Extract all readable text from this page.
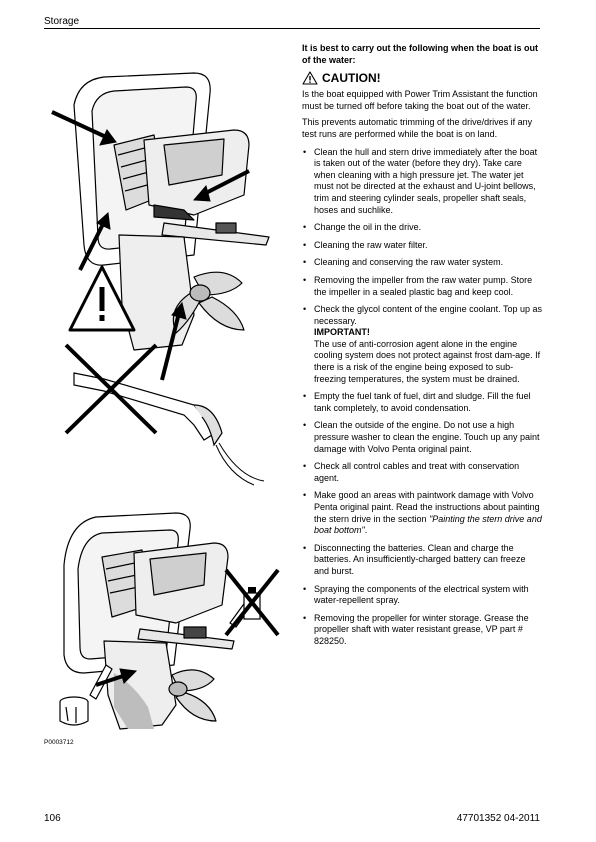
Storage
P0003712

It is best to carry out the following when the boat is out of the water:

CAUTION!

Is the boat equipped with Power Trim Assistant the function must be turned off before taking the boat out of the water.

This prevents automatic trimming of the drive/drives if any test runs are performed while the boat is on land.

• Clean the hull and stern drive immediately after the boat is taken out of the water (before they dry). Take care when cleaning with a high pressure jet. The water jet must not be directed at the exhaust and U-joint bellows, trim and steering cylinder seals, propeller shaft seals, hoses and suchlike.
• Change the oil in the drive.
• Cleaning the raw water filter.
• Cleaning and conserving the raw water system.
• Removing the impeller from the raw water pump. Store the impeller in a sealed plastic bag and keep cool.
• Check the glycol content of the engine coolant. Top up as necessary.
IMPORTANT!
The use of anti-corrosion agent alone in the engine cooling system does not protect against frost dam-age. If there is a risk of the engine being exposed to sub-freezing temperatures, the system must be drained.
• Empty the fuel tank of fuel, dirt and sludge. Fill the fuel tank completely, to avoid condensation.
• Clean the outside of the engine. Do not use a high pressure washer to clean the engine. Touch up any paint damage with Volvo Penta original paint.
• Check all control cables and treat with conservation agent.
• Make good an areas with paintwork damage with Volvo Penta original paint. Read the instructions about painting the stern drive in the section "Painting the stern drive and boat bottom".
• Disconnecting the batteries. Clean and charge the batteries. An insufficiently-charged battery can freeze and burst.
• Spraying the components of the electrical system with water-repellent spray.
• Removing the propeller for winter storage. Grease the propeller shaft with water resistant grease, VP part # 828250.
106	47701352 04-2011
